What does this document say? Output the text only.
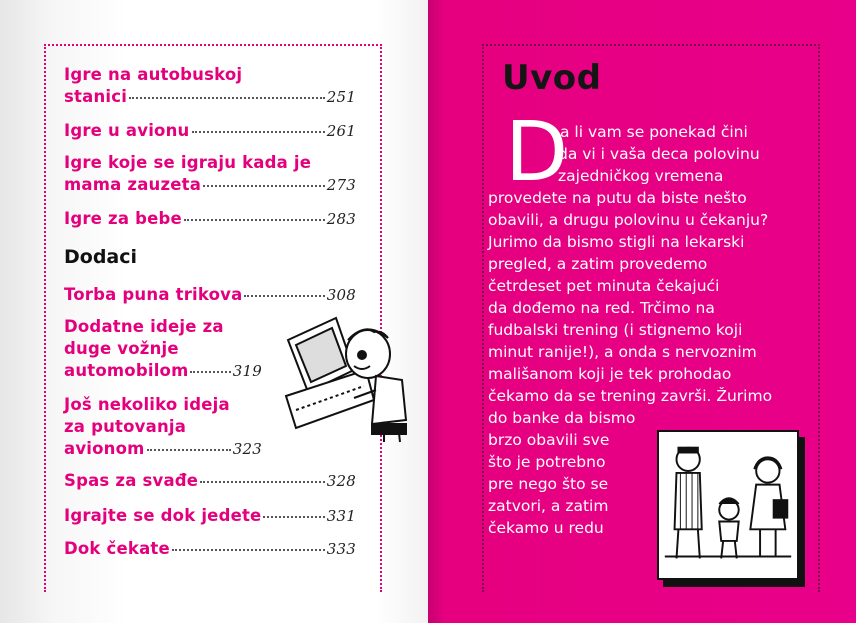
Igre na autobuskoj
stanici	251
Igre u avionu	261
Igre koje se igraju kada je
mama zauzeta	273
Igre za bebe	283
Dodaci
Torba puna trikova	308
Dodatne ideje za
duge vožnje
automobilom	319
Još nekoliko ideja
za putovanja
avionom	323
Spas za svađe	328
Igrajte se dok jedete	331
Dok čekate	333
Uvod
D
a li vam se ponekad čini
da vi i vaša deca polovinu
zajedničkog vremena
provedete na putu da biste nešto
obavili, a drugu polovinu u čekanju?
Jurimo da bismo stigli na lekarski
pregled, a zatim provedemo
četrdeset pet minuta čekajući
da dođemo na red. Trčimo na
fudbalski trening (i stignemo koji
minut ranije!), a onda s nervoznim
mališanom koji je tek prohodao
čekamo da se trening završi. Žurimo
do banke da bismo
brzo obavili sve
što je potrebno
pre nego što se
zatvori, a zatim
čekamo u redu
